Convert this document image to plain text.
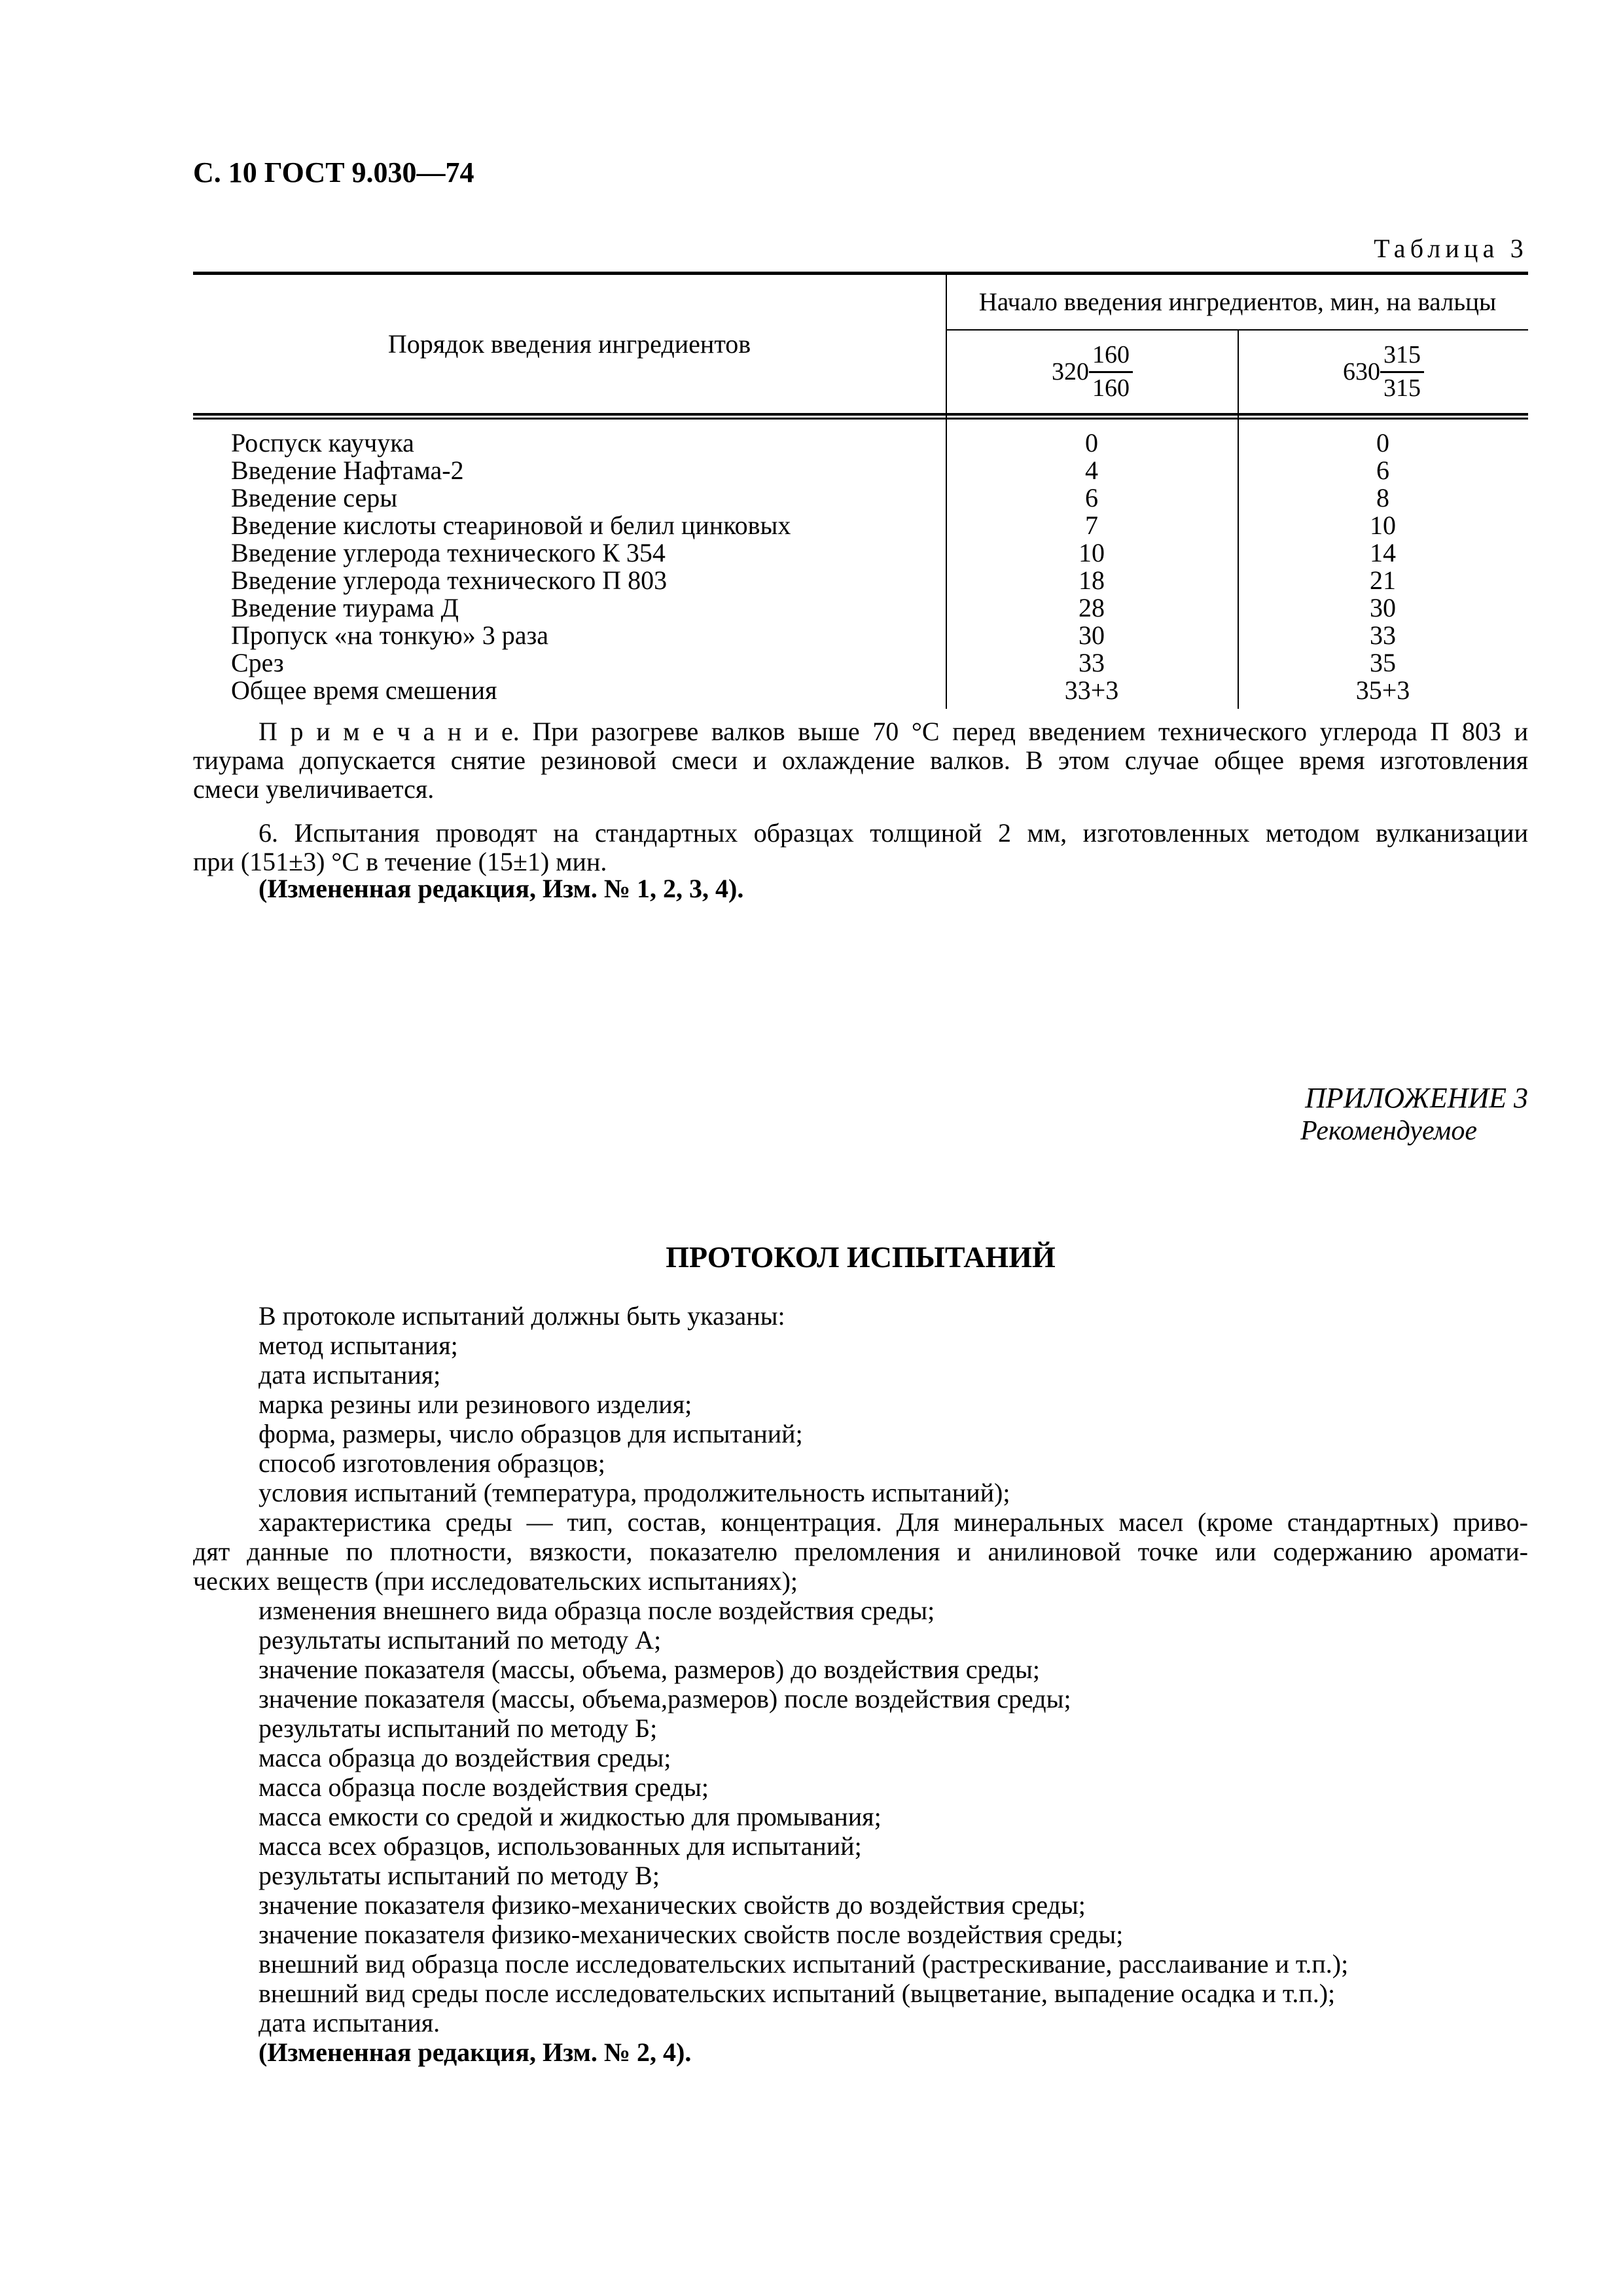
С. 10 ГОСТ 9.030—74
Таблица 3
Порядок введения ингредиентов
Начало введения ингредиентов, мин, на вальцы
$320 \frac{160}{160}$	$630 \frac{315}{315}$
Роспуск каучука	0	0
Введение Нафтама-2	4	6
Введение серы	6	8
Введение кислоты стеариновой и белил цинковых	7	10
Введение углерода технического К 354	10	14
Введение углерода технического П 803	18	21
Введение тиурама Д	28	30
Пропуск «на тонкую» 3 раза	30	33
Срез	33	35
Общее время смешения	33+3	35+3
П р и м е ч а н и е. При разогреве валков выше 70 °С перед введением технического углерода П 803 и
тиурама допускается снятие резиновой смеси и охлаждение валков. В этом случае общее время изготовления
смеси увеличивается.
6. Испытания проводят на стандартных образцах толщиной 2 мм, изготовленных методом вулканизации
при (151±3) °С в течение (15±1) мин.
(Измененная редакция, Изм. № 1, 2, 3, 4).
ПРИЛОЖЕНИЕ 3
Рекомендуемое
ПРОТОКОЛ ИСПЫТАНИЙ
В протоколе испытаний должны быть указаны:
метод испытания;
дата испытания;
марка резины или резинового изделия;
форма, размеры, число образцов для испытаний;
способ изготовления образцов;
условия испытаний (температура, продолжительность испытаний);
характеристика среды — тип, состав, концентрация. Для минеральных масел (кроме стандартных) приво-
дят данные по плотности, вязкости, показателю преломления и анилиновой точке или содержанию аромати-
ческих веществ (при исследовательских испытаниях);
изменения внешнего вида образца после воздействия среды;
результаты испытаний по методу А;
значение показателя (массы, объема, размеров) до воздействия среды;
значение показателя (массы, объема,размеров) после воздействия среды;
результаты испытаний по методу Б;
масса образца до воздействия среды;
масса образца после воздействия среды;
масса емкости со средой и жидкостью для промывания;
масса всех образцов, использованных для испытаний;
результаты испытаний по методу В;
значение показателя физико-механических свойств до воздействия среды;
значение показателя физико-механических свойств после воздействия среды;
внешний вид образца после исследовательских испытаний (растрескивание, расслаивание и т.п.);
внешний вид среды после исследовательских испытаний (выцветание, выпадение осадка и т.п.);
дата испытания.
(Измененная редакция, Изм. № 2, 4).
